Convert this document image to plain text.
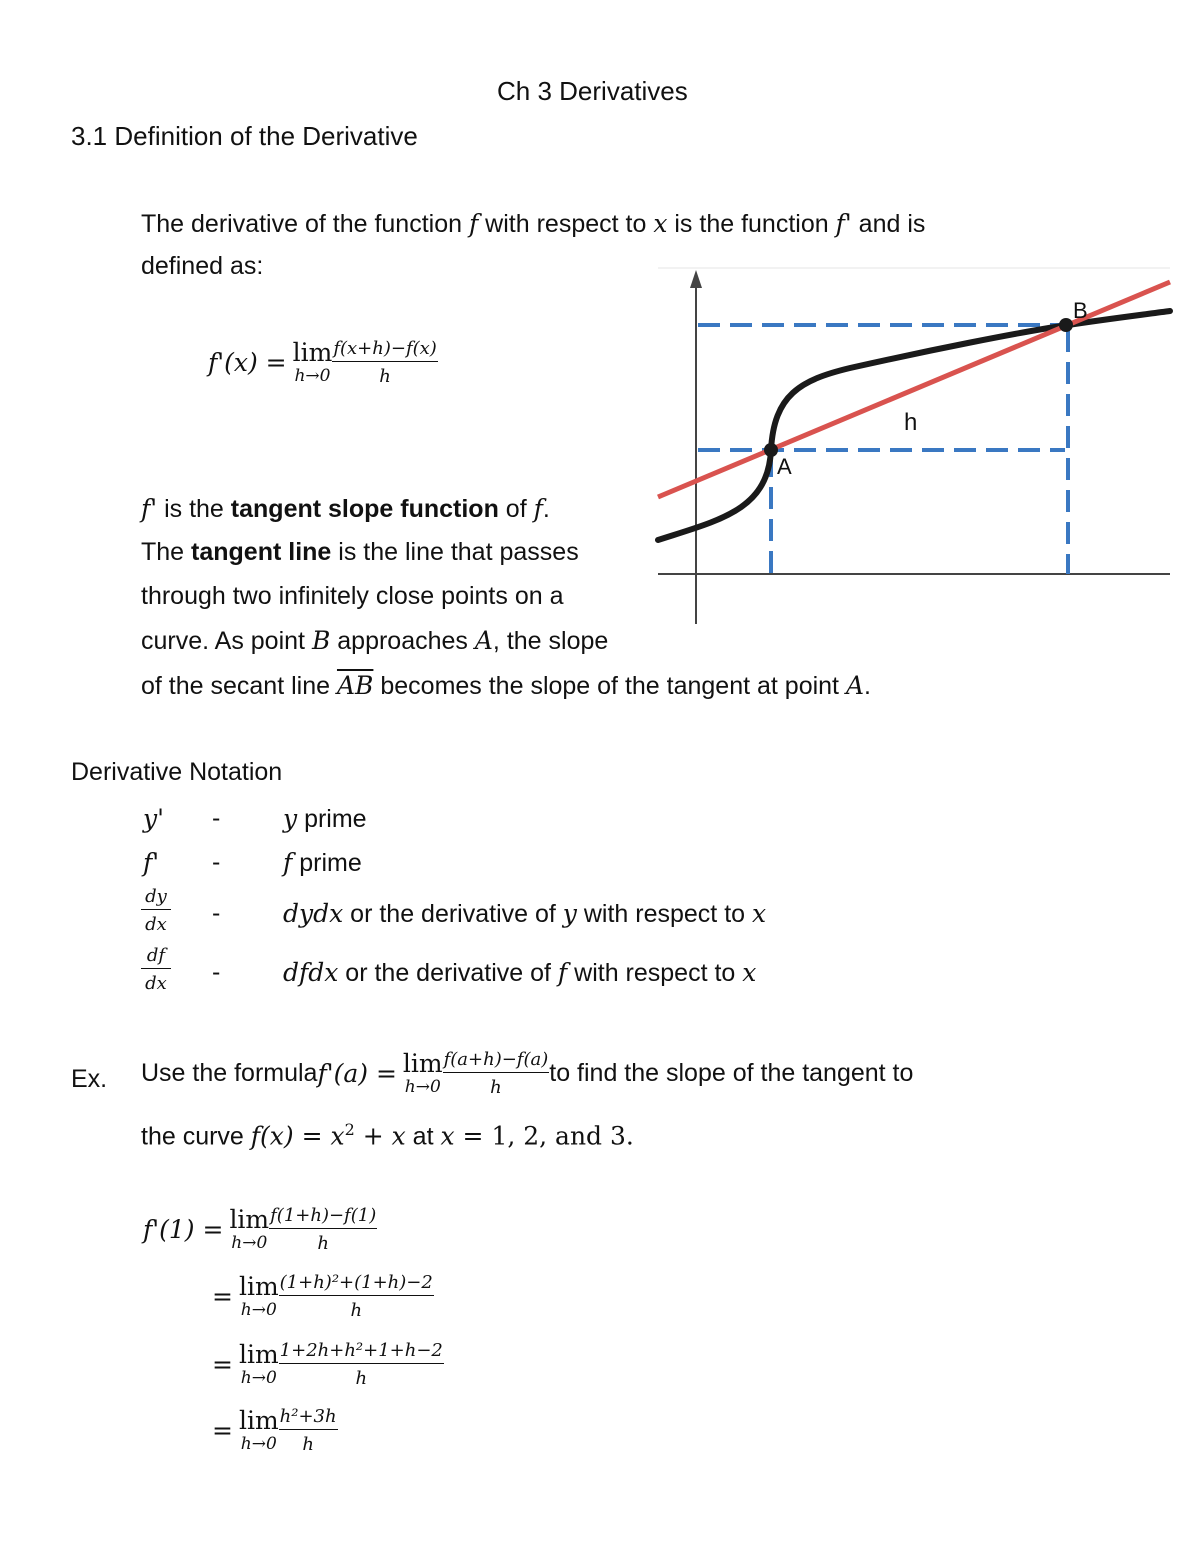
Ch 3 Derivatives
3.1 Definition of the Derivative
The derivative of the function f with respect to x is the function f' and is
defined as:
f'(x) = lim
$h\to 0 \frac{f(x+h)-f(x)}{h}$
A
B
h
f' is the tangent slope function of f.
The tangent line is the line that passes
through two infinitely close points on a
curve. As point B approaches A, the slope
of the secant line $\overline{AB}$ becomes the slope of the tangent at point A.
Derivative Notation
y' -	y prime
f' -	f prime
$\frac{dy}{dx}$ -	dydx or the derivative of y with respect to x
$\frac{df}{dx}$ -	dfdx or the derivative of f with respect to x
Ex. Use the formula f'(a) = lim
$h\to 0 \frac{f(a+h)-f(a)}{h}$ to find the slope of the tangent to
the curve $f(x) = x^2 + x$ at x = 1, 2, and 3.
f'(1) = lim
$h\to 0 \frac{f(1+h)-f(1)}{h}$
= lim
$h\to 0 \frac{\text{(1+h)²+(1+h)−2}}{h}$
= lim
$h\to 0 \frac{\text{1+2h+h²+1+h−2}}{h}$
= lim
$h\to 0 \frac{\text{h²+3h}}{h}$
